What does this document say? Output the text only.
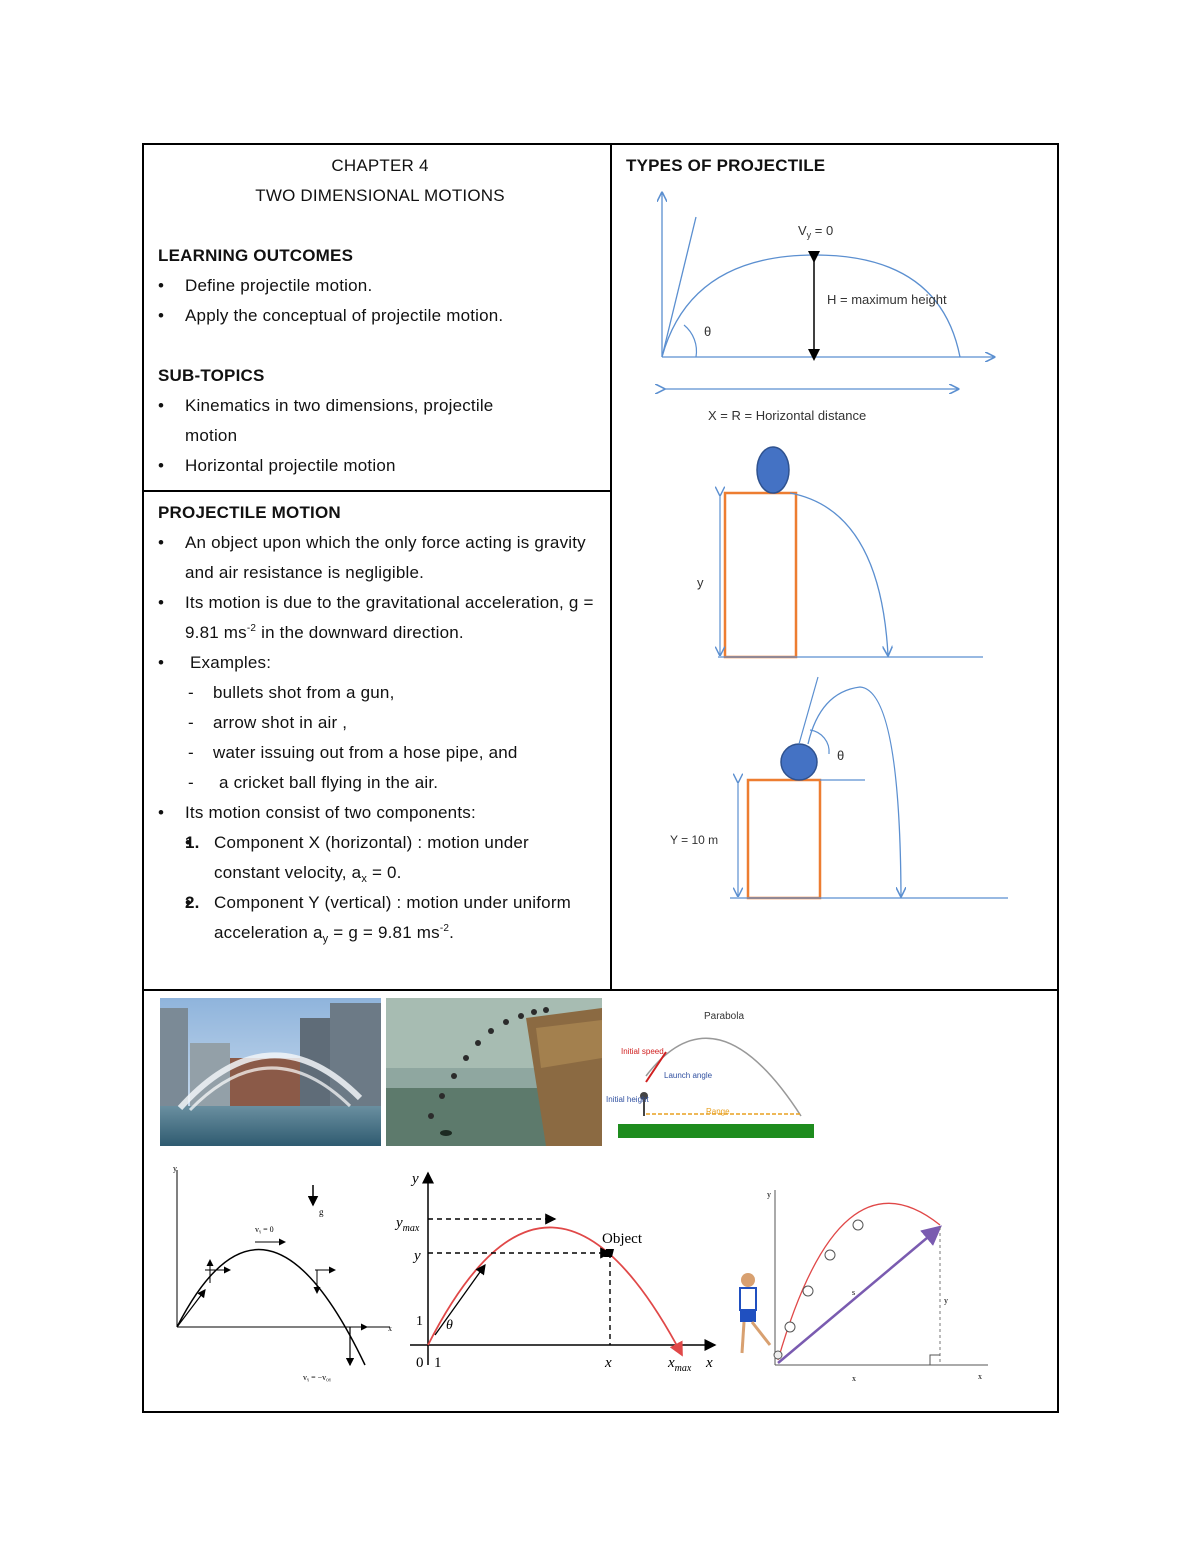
CHAPTER 4
TWO DIMENSIONAL MOTIONS
LEARNING OUTCOMES
• Define projectile motion.
• Apply the conceptual of projectile motion.
SUB-TOPICS
• Kinematics in two dimensions, projectile motion
• Horizontal projectile motion
PROJECTILE MOTION
• An object upon which the only force acting is gravity and air resistance is negligible.
• Its motion is due to the gravitational acceleration, g = 9.81 $ms^{-2}$ in the downward direction.
• Examples:
- bullets shot from a gun,
- arrow shot in air ,
- water issuing out from a hose pipe, and
- a cricket ball flying in the air.
• Its motion consist of two components:
• 1. Component X (horizontal) : motion under constant velocity, $a_x = 0$.
• 2. Component Y (vertical) : motion under uniform acceleration $a_y = g = 9.81$ $ms^{-2}$.
TYPES OF PROJECTILE
$V_y = 0$
H = maximum height
θ
X = R = Horizontal distance
y
θ
Y = 10 m
Parabola
Initial speed
Launch angle
Initial height
Range
g
y
x
vᵧ = 0
vᵧ = −v₀ᵧ
$y_{max}$
y
y
Object
θ
0 1
1
x	$x_{max}$ x
y
x
s
y
x
